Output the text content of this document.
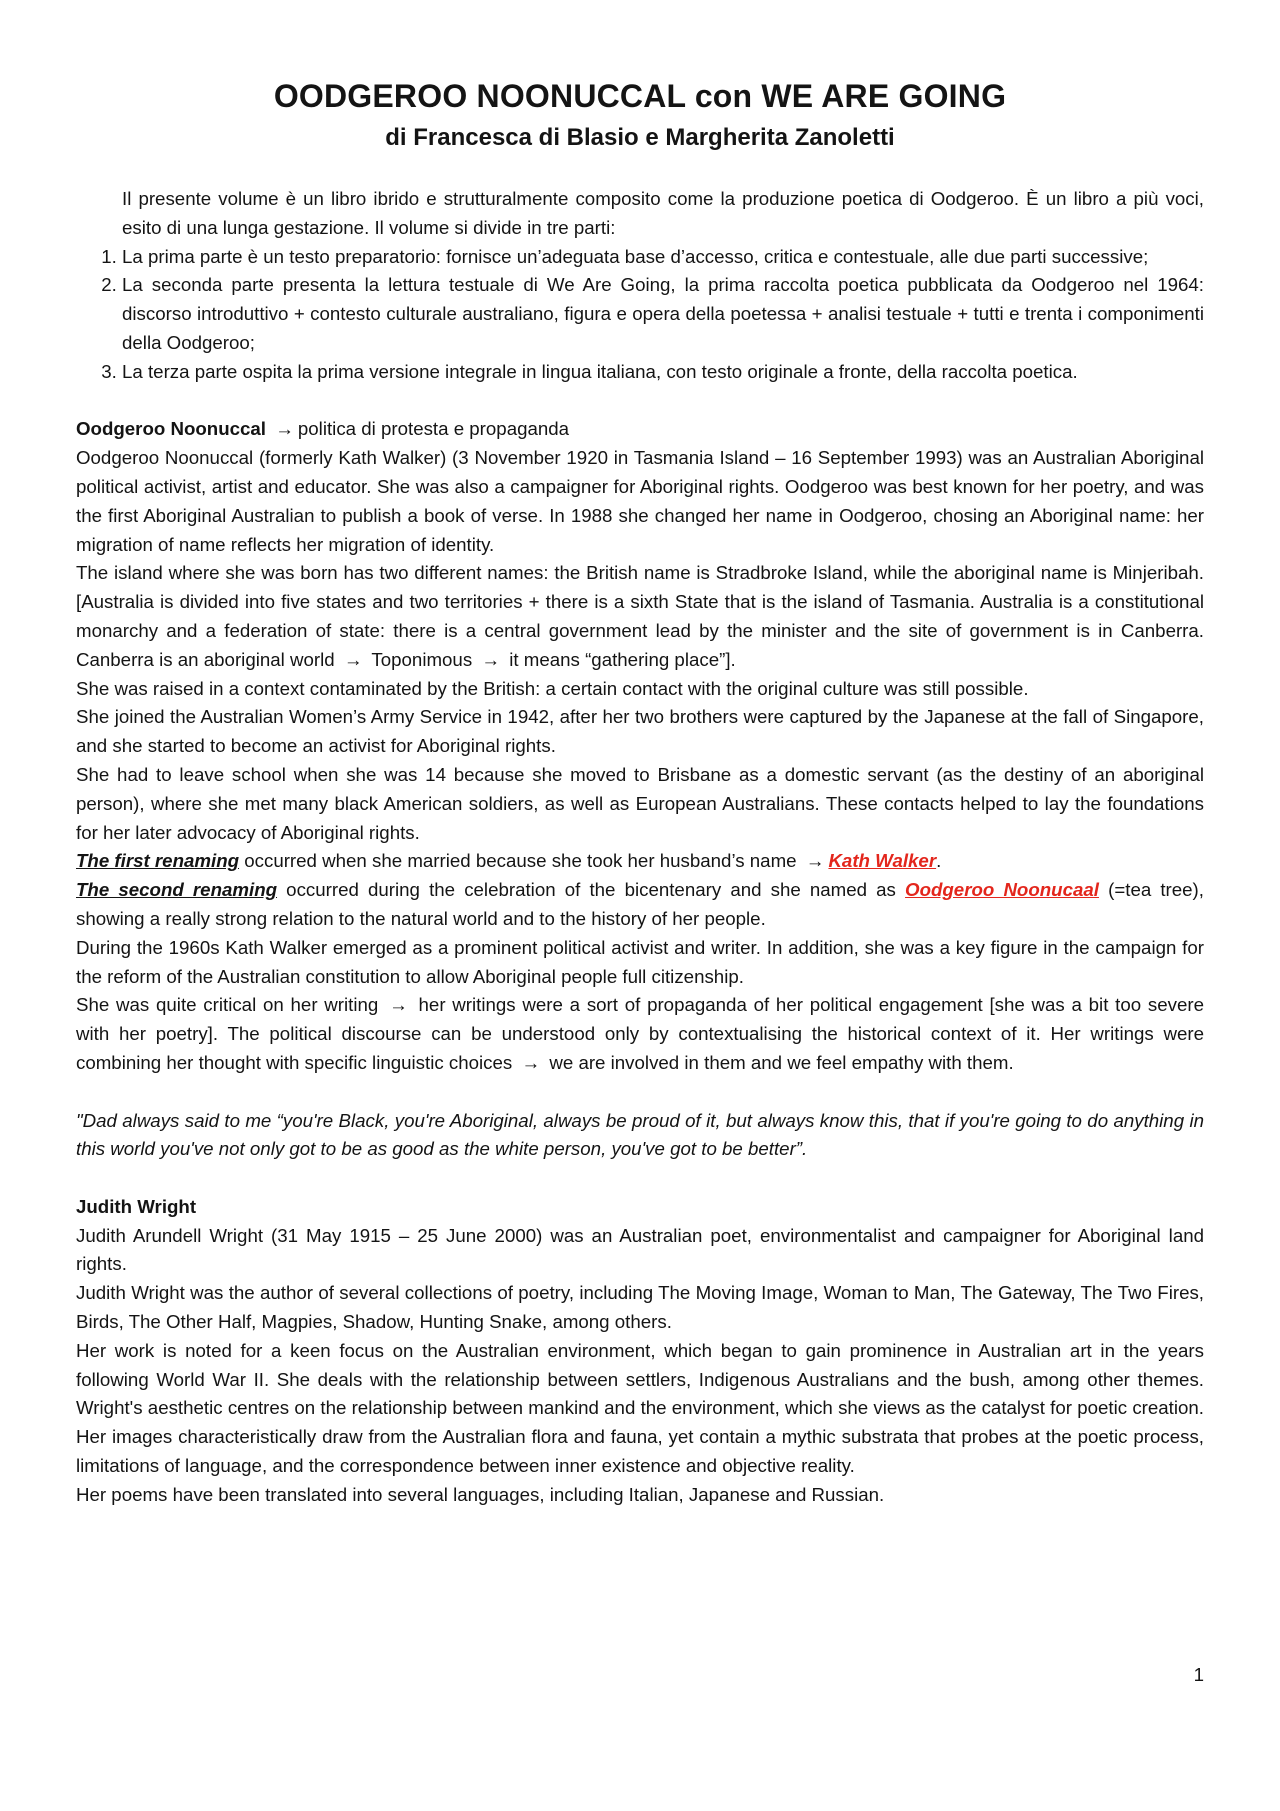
OODGEROO NOONUCCAL con WE ARE GOING
di Francesca di Blasio e Margherita Zanoletti

Il presente volume è un libro ibrido e strutturalmente composito come la produzione poetica di Oodgeroo. È un libro a più voci, esito di una lunga gestazione. Il volume si divide in tre parti:

1. La prima parte è un testo preparatorio: fornisce un’adeguata base d’accesso, critica e contestuale, alle due parti successive;
2. La seconda parte presenta la lettura testuale di We Are Going, la prima raccolta poetica pubblicata da Oodgeroo nel 1964: discorso introduttivo + contesto culturale australiano, figura e opera della poetessa + analisi testuale + tutti e trenta i componimenti della Oodgeroo;
3. La terza parte ospita la prima versione integrale in lingua italiana, con testo originale a fronte, della raccolta poetica.

Oodgeroo Noonuccal → politica di protesta e propaganda

Oodgeroo Noonuccal (formerly Kath Walker) (3 November 1920 in Tasmania Island – 16 September 1993) was an Australian Aboriginal political activist, artist and educator. She was also a campaigner for Aboriginal rights. Oodgeroo was best known for her poetry, and was the first Aboriginal Australian to publish a book of verse. In 1988 she changed her name in Oodgeroo, chosing an Aboriginal name: her migration of name reflects her migration of identity.

The island where she was born has two different names: the British name is Stradbroke Island, while the aboriginal name is Minjeribah. [Australia is divided into five states and two territories + there is a sixth State that is the island of Tasmania. Australia is a constitutional monarchy and a federation of state: there is a central government lead by the minister and the site of government is in Canberra. Canberra is an aboriginal world → Toponimous → it means “gathering place”].

She was raised in a context contaminated by the British: a certain contact with the original culture was still possible.

She joined the Australian Women’s Army Service in 1942, after her two brothers were captured by the Japanese at the fall of Singapore, and she started to become an activist for Aboriginal rights.

She had to leave school when she was 14 because she moved to Brisbane as a domestic servant (as the destiny of an aboriginal person), where she met many black American soldiers, as well as European Australians. These contacts helped to lay the foundations for her later advocacy of Aboriginal rights.

The first renaming occurred when she married because she took her husband’s name → Kath Walker.

The second renaming occurred during the celebration of the bicentenary and she named as Oodgeroo Noonucaal (=tea tree), showing a really strong relation to the natural world and to the history of her people.

During the 1960s Kath Walker emerged as a prominent political activist and writer. In addition, she was a key figure in the campaign for the reform of the Australian constitution to allow Aboriginal people full citizenship.

She was quite critical on her writing → her writings were a sort of propaganda of her political engagement [she was a bit too severe with her poetry]. The political discourse can be understood only by contextualising the historical context of it. Her writings were combining her thought with specific linguistic choices → we are involved in them and we feel empathy with them.

"Dad always said to me “you're Black, you're Aboriginal, always be proud of it, but always know this, that if you're going to do anything in this world you've not only got to be as good as the white person, you've got to be better”.

Judith Wright

Judith Arundell Wright (31 May 1915 – 25 June 2000) was an Australian poet, environmentalist and campaigner for Aboriginal land rights.

Judith Wright was the author of several collections of poetry, including The Moving Image, Woman to Man, The Gateway, The Two Fires, Birds, The Other Half, Magpies, Shadow, Hunting Snake, among others.

Her work is noted for a keen focus on the Australian environment, which began to gain prominence in Australian art in the years following World War II. She deals with the relationship between settlers, Indigenous Australians and the bush, among other themes. Wright's aesthetic centres on the relationship between mankind and the environment, which she views as the catalyst for poetic creation. Her images characteristically draw from the Australian flora and fauna, yet contain a mythic substrata that probes at the poetic process, limitations of language, and the correspondence between inner existence and objective reality.

Her poems have been translated into several languages, including Italian, Japanese and Russian.

1
